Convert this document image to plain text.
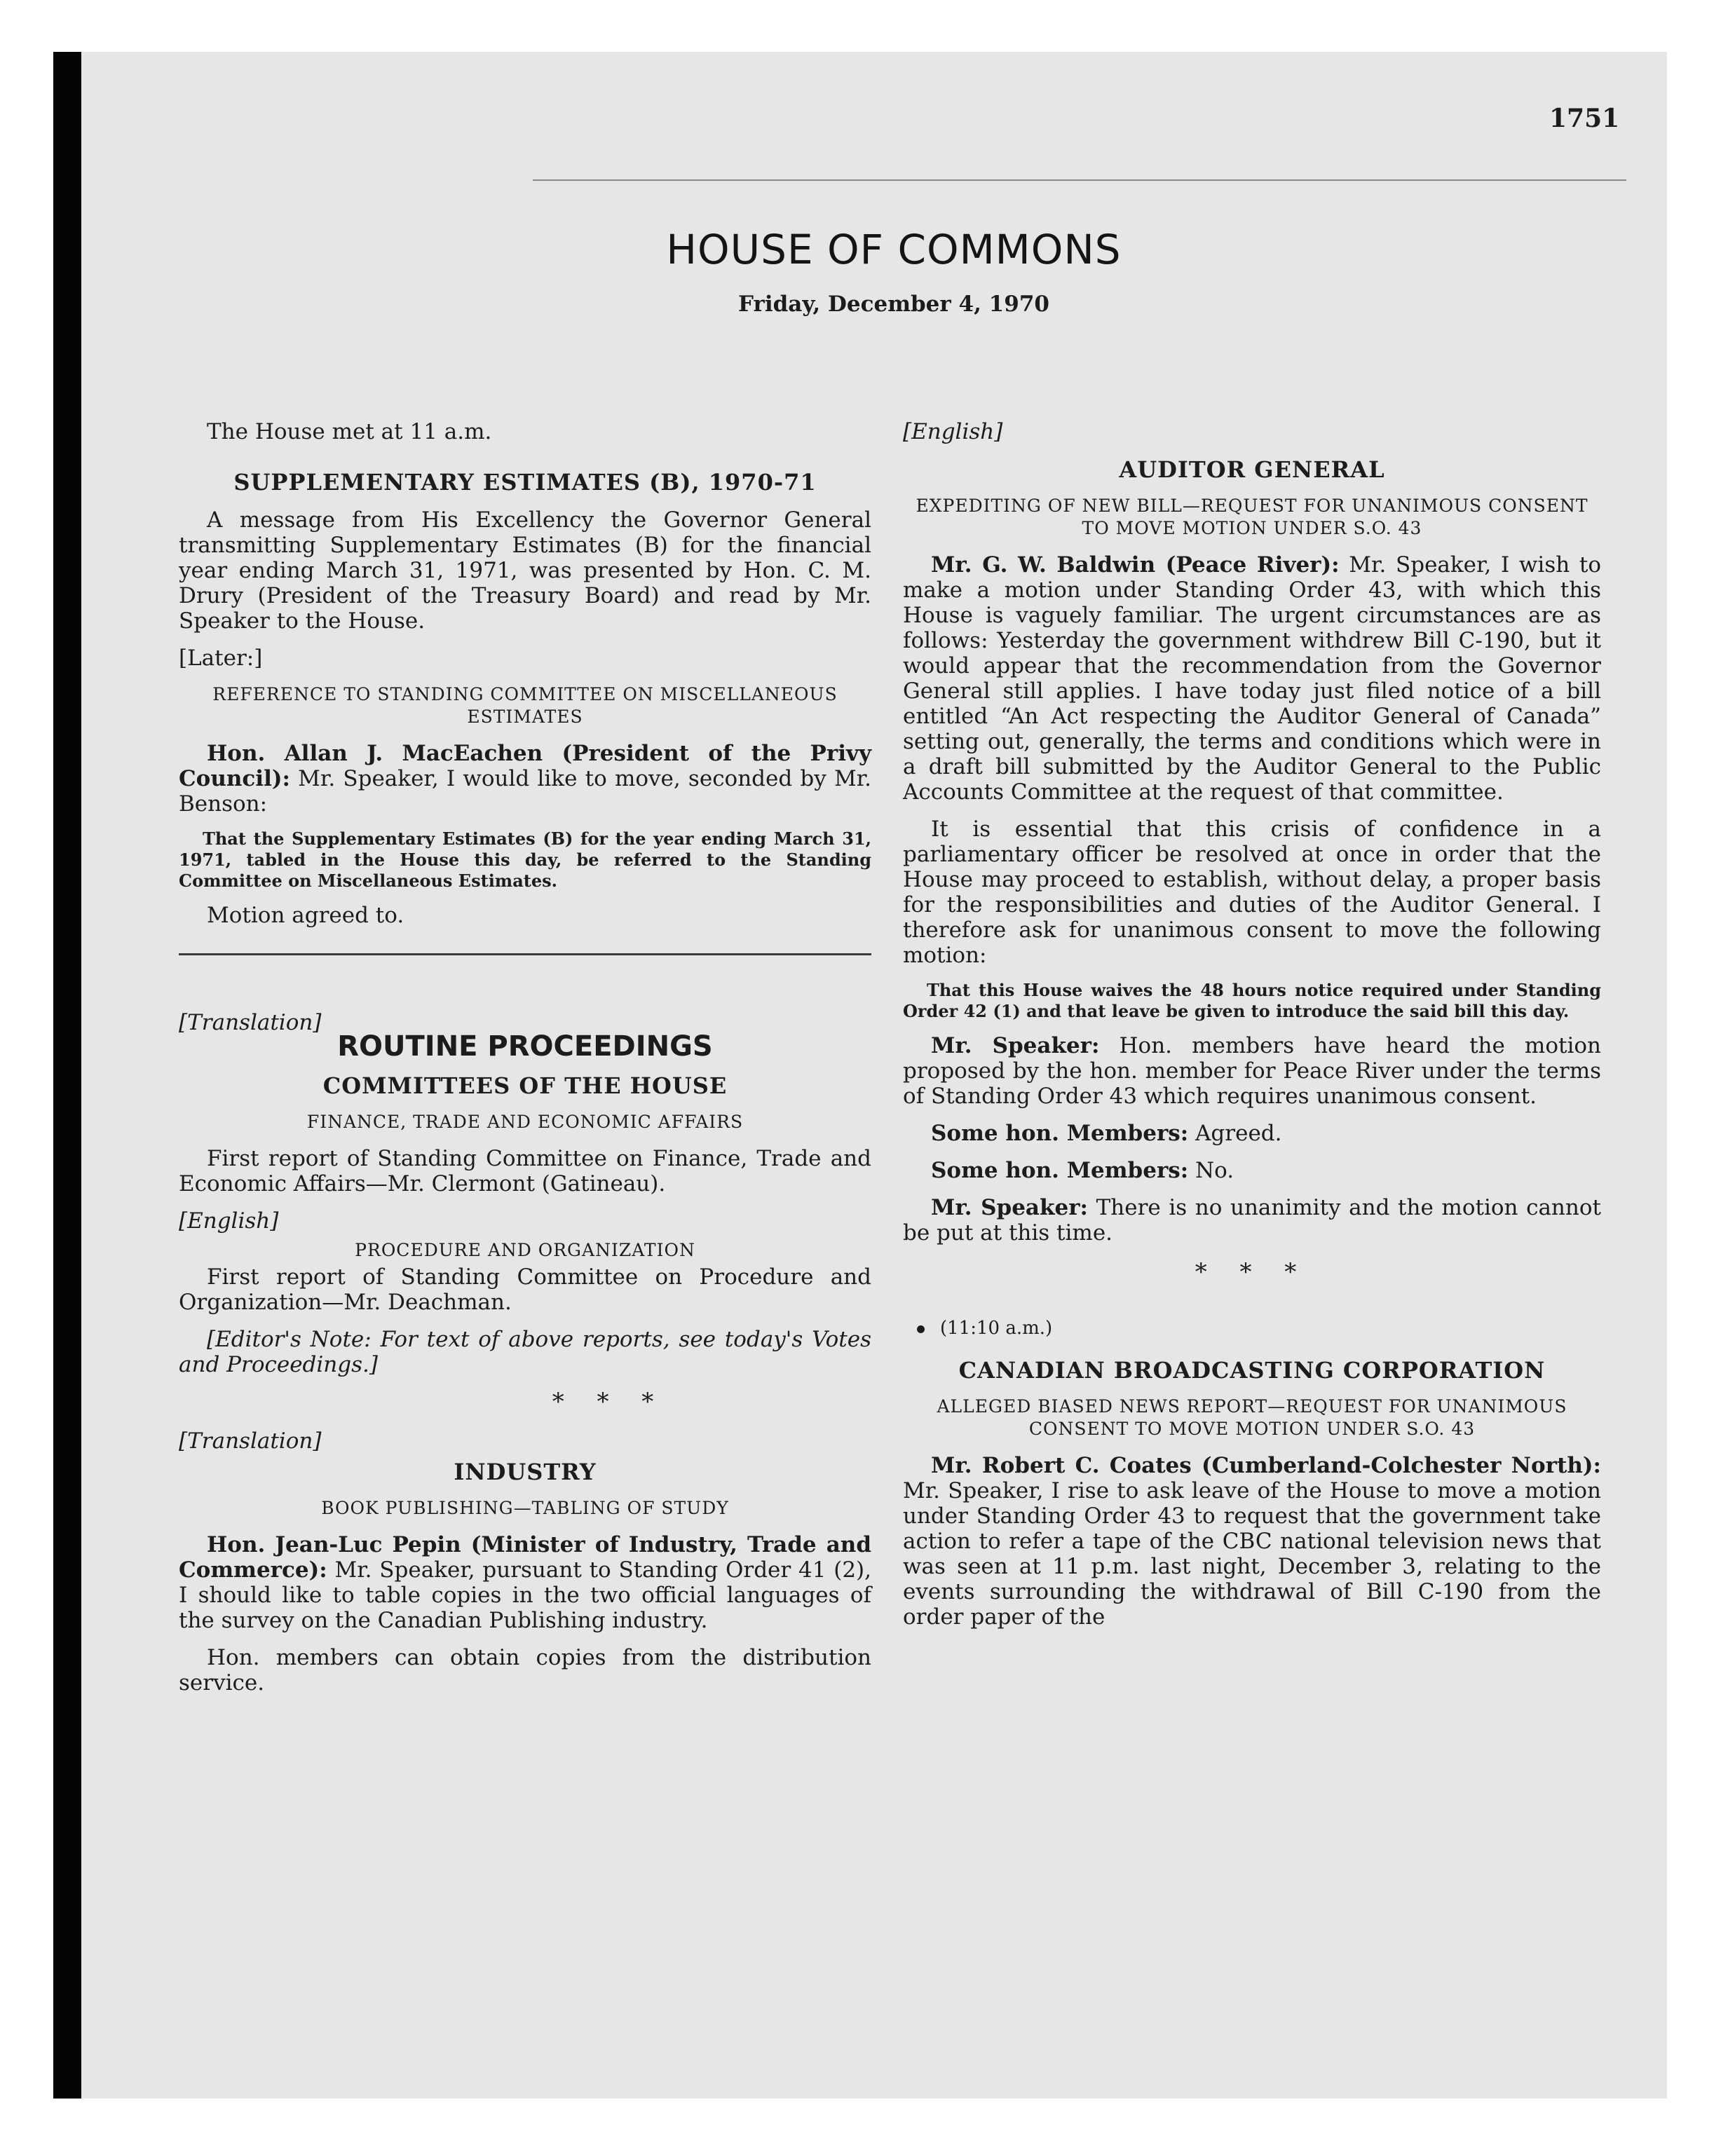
1751
HOUSE OF COMMONS
Friday, December 4, 1970

The House met at 11 a.m.

SUPPLEMENTARY ESTIMATES (B), 1970-71

A message from His Excellency the Governor General transmitting Supplementary Estimates (B) for the financial year ending March 31, 1971, was presented by Hon. C. M. Drury (President of the Treasury Board) and read by Mr. Speaker to the House.

[Later:]
REFERENCE TO STANDING COMMITTEE ON MISCELLANEOUS ESTIMATES

Hon. Allan J. MacEachen (President of the Privy Council): Mr. Speaker, I would like to move, seconded by Mr. Benson:

That the Supplementary Estimates (B) for the year ending March 31, 1971, tabled in the House this day, be referred to the Standing Committee on Miscellaneous Estimates.

Motion agreed to.

[Translation]
ROUTINE PROCEEDINGS
COMMITTEES OF THE HOUSE
FINANCE, TRADE AND ECONOMIC AFFAIRS

First report of Standing Committee on Finance, Trade and Economic Affairs—Mr. Clermont (Gatineau).

[English]
PROCEDURE AND ORGANIZATION

First report of Standing Committee on Procedure and Organization—Mr. Deachman.

[Editor's Note: For text of above reports, see today's Votes and Proceedings.]

* * *
[Translation]
INDUSTRY
BOOK PUBLISHING—TABLING OF STUDY

Hon. Jean-Luc Pepin (Minister of Industry, Trade and Commerce): Mr. Speaker, pursuant to Standing Order 41 (2), I should like to table copies in the two official languages of the survey on the Canadian Publishing industry.

Hon. members can obtain copies from the distribution service.

[English]
AUDITOR GENERAL
EXPEDITING OF NEW BILL—REQUEST FOR UNANIMOUS CONSENT TO MOVE MOTION UNDER S.O. 43

Mr. G. W. Baldwin (Peace River): Mr. Speaker, I wish to make a motion under Standing Order 43, with which this House is vaguely familiar. The urgent circumstances are as follows: Yesterday the government withdrew Bill C-190, but it would appear that the recommendation from the Governor General still applies. I have today just filed notice of a bill entitled “An Act respecting the Auditor General of Canada” setting out, generally, the terms and conditions which were in a draft bill submitted by the Auditor General to the Public Accounts Committee at the request of that committee.

It is essential that this crisis of confidence in a parliamentary officer be resolved at once in order that the House may proceed to establish, without delay, a proper basis for the responsibilities and duties of the Auditor General. I therefore ask for unanimous consent to move the following motion:

That this House waives the 48 hours notice required under Standing Order 42 (1) and that leave be given to introduce the said bill this day.

Mr. Speaker: Hon. members have heard the motion proposed by the hon. member for Peace River under the terms of Standing Order 43 which requires unanimous consent.

Some hon. Members: Agreed.

Some hon. Members: No.

Mr. Speaker: There is no unanimity and the motion cannot be put at this time.

* * *
(11:10 a.m.)
CANADIAN BROADCASTING CORPORATION
ALLEGED BIASED NEWS REPORT—REQUEST FOR UNANIMOUS CONSENT TO MOVE MOTION UNDER S.O. 43

Mr. Robert C. Coates (Cumberland-Colchester North): Mr. Speaker, I rise to ask leave of the House to move a motion under Standing Order 43 to request that the government take action to refer a tape of the CBC national television news that was seen at 11 p.m. last night, December 3, relating to the events surrounding the withdrawal of Bill C-190 from the order paper of the
